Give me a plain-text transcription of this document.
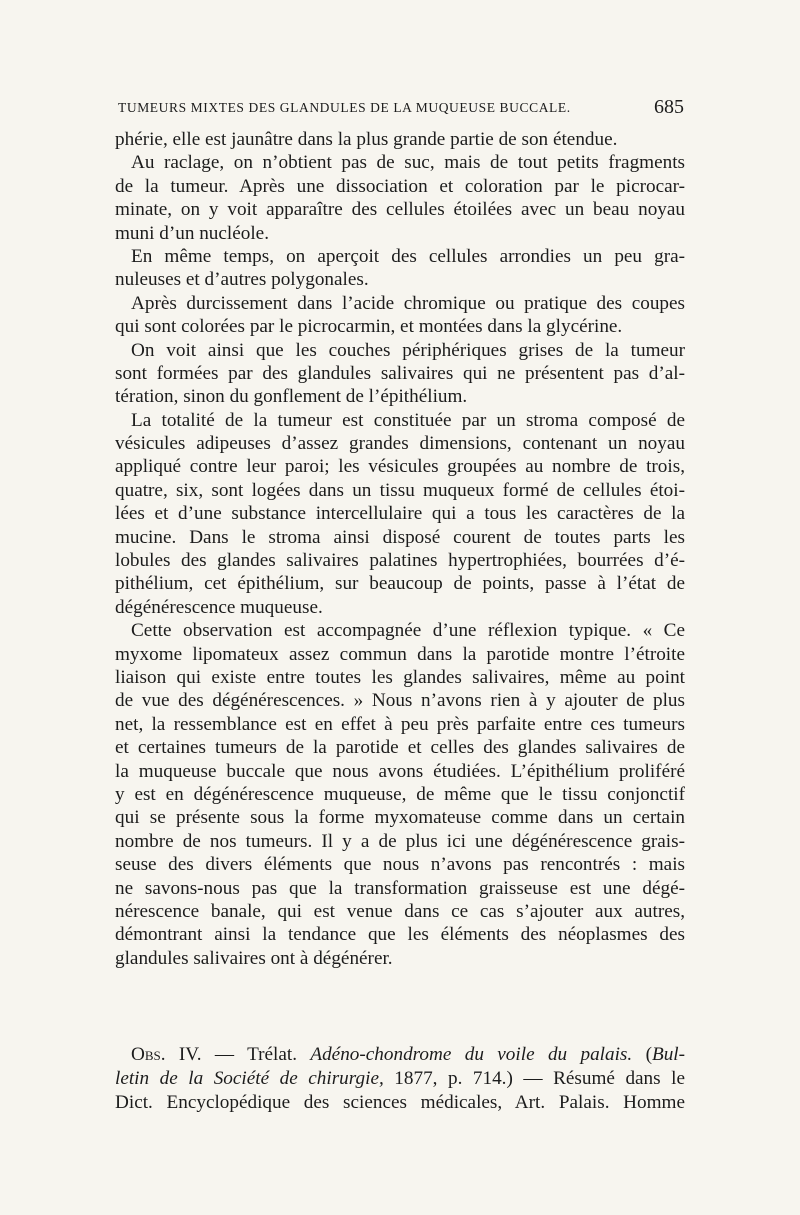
TUMEURS MIXTES DES GLANDULES DE LA MUQUEUSE BUCCALE.	685
phérie, elle est jaunâtre dans la plus grande partie de son étendue.
Au raclage, on n’obtient pas de suc, mais de tout petits fragments
de la tumeur. Après une dissociation et coloration par le picrocar-
minate, on y voit apparaître des cellules étoilées avec un beau noyau
muni d’un nucléole.
En même temps, on aperçoit des cellules arrondies un peu gra-
nuleuses et d’autres polygonales.
Après durcissement dans l’acide chromique ou pratique des coupes
qui sont colorées par le picrocarmin, et montées dans la glycérine.
On voit ainsi que les couches périphériques grises de la tumeur
sont formées par des glandules salivaires qui ne présentent pas d’al-
tération, sinon du gonflement de l’épithélium.
La totalité de la tumeur est constituée par un stroma composé de
vésicules adipeuses d’assez grandes dimensions, contenant un noyau
appliqué contre leur paroi; les vésicules groupées au nombre de trois,
quatre, six, sont logées dans un tissu muqueux formé de cellules étoi-
lées et d’une substance intercellulaire qui a tous les caractères de la
mucine. Dans le stroma ainsi disposé courent de toutes parts les
lobules des glandes salivaires palatines hypertrophiées, bourrées d’é-
pithélium, cet épithélium, sur beaucoup de points, passe à l’état de
dégénérescence muqueuse.
Cette observation est accompagnée d’une réflexion typique. « Ce
myxome lipomateux assez commun dans la parotide montre l’étroite
liaison qui existe entre toutes les glandes salivaires, même au point
de vue des dégénérescences. » Nous n’avons rien à y ajouter de plus
net, la ressemblance est en effet à peu près parfaite entre ces tumeurs
et certaines tumeurs de la parotide et celles des glandes salivaires de
la muqueuse buccale que nous avons étudiées. L’épithélium proliféré
y est en dégénérescence muqueuse, de même que le tissu conjonctif
qui se présente sous la forme myxomateuse comme dans un certain
nombre de nos tumeurs. Il y a de plus ici une dégénérescence grais-
seuse des divers éléments que nous n’avons pas rencontrés : mais
ne savons-nous pas que la transformation graisseuse est une dégé-
nérescence banale, qui est venue dans ce cas s’ajouter aux autres,
démontrant ainsi la tendance que les éléments des néoplasmes des
glandules salivaires ont à dégénérer.
Obs. IV. — Trélat. Adéno-chondrome du voile du palais. (Bul-
letin de la Société de chirurgie, 1877, p. 714.) — Résumé dans le
Dict. Encyclopédique des sciences médicales, Art. Palais. Homme
